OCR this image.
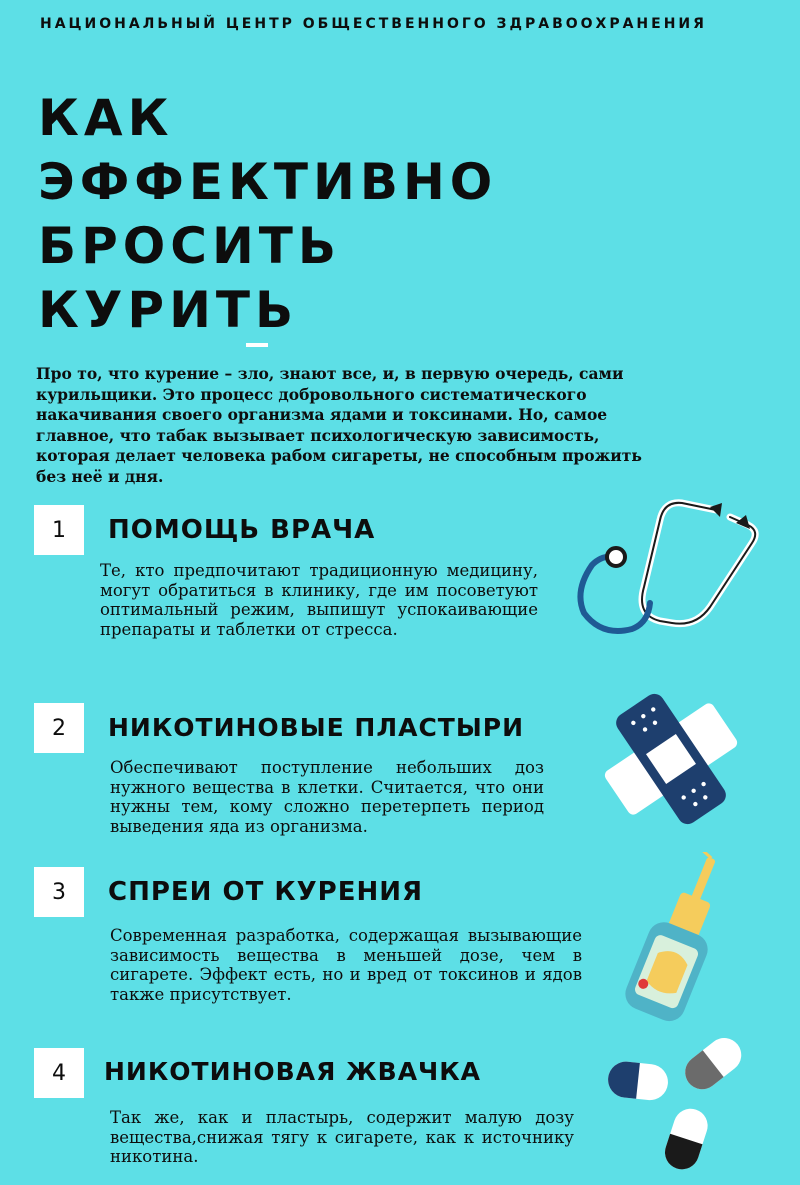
НАЦИОНАЛЬНЫЙ ЦЕНТР ОБЩЕСТВЕННОГО ЗДРАВООХРАНЕНИЯ
КАК
ЭФФЕКТИВНО
БРОСИТЬ
КУРИТЬ

Про то, что курение – зло, знают все, и, в первую очередь, сами курильщики. Это процесс добровольного систематического накачивания своего организма ядами и токсинами. Но, самое главное, что табак вызывает психологическую зависимость, которая делает человека рабом сигареты, не способным прожить без неё и дня.

1	ПОМОЩЬ ВРАЧА

Те, кто предпочитают традиционную медицину, могут обратиться в клинику, где им посоветуют оптимальный режим, выпишут успокаивающие препараты и таблетки от стресса.

2	НИКОТИНОВЫЕ ПЛАСТЫРИ

Обеспечивают поступление небольших доз нужного вещества в клетки. Считается, что они нужны тем, кому сложно перетерпеть период выведения яда из организма.

3	СПРЕИ ОТ КУРЕНИЯ

Современная разработка, содержащая вызывающие зависимость вещества в меньшей дозе, чем в сигарете. Эффект есть, но и вред от токсинов и ядов также присутствует.

4	НИКОТИНОВАЯ ЖВАЧКА

Так же, как и пластырь, содержит малую дозу вещества,снижая тягу к сигарете, как к источнику никотина.
